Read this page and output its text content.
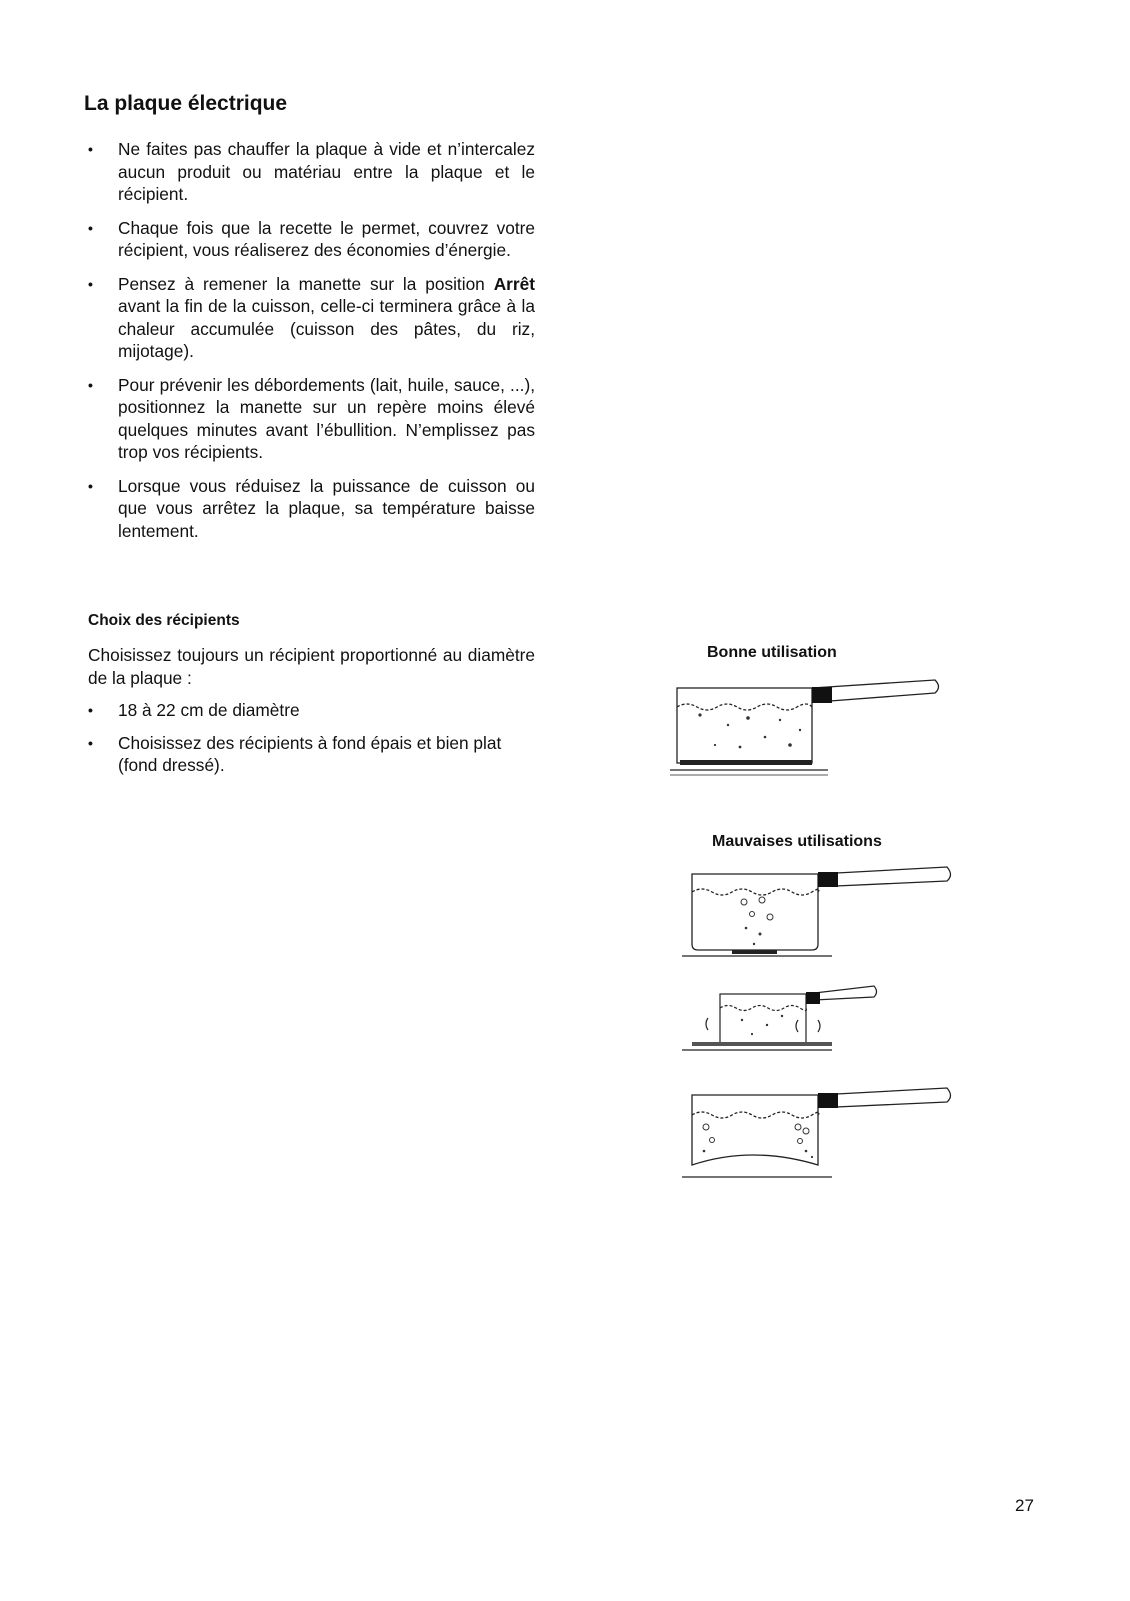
La plaque électrique
• Ne faites pas chauffer la plaque à vide et n’intercalez aucun produit ou matériau entre la plaque et le récipient.
• Chaque fois que la recette le permet, couvrez votre récipient, vous réaliserez des économies d’énergie.
• Pensez à remener la manette sur la position Arrêt avant la fin de la cuisson, celle-ci terminera grâce à la chaleur accumulée (cuisson des pâtes, du riz, mijotage).
• Pour prévenir les débordements (lait, huile, sauce, ...), positionnez la manette sur un repère moins élevé quelques minutes avant l’ébullition. N’emplissez pas trop vos récipients.
• Lorsque vous réduisez la puissance de cuisson ou que vous arrêtez la plaque, sa température baisse lentement.
Choix des récipients

Choisissez toujours un récipient proportionné au diamètre de la plaque :

• 18 à 22 cm de diamètre
• Choisissez des récipients à fond épais et bien plat (fond dressé).

Bonne utilisation

Mauvaises utilisations

27
